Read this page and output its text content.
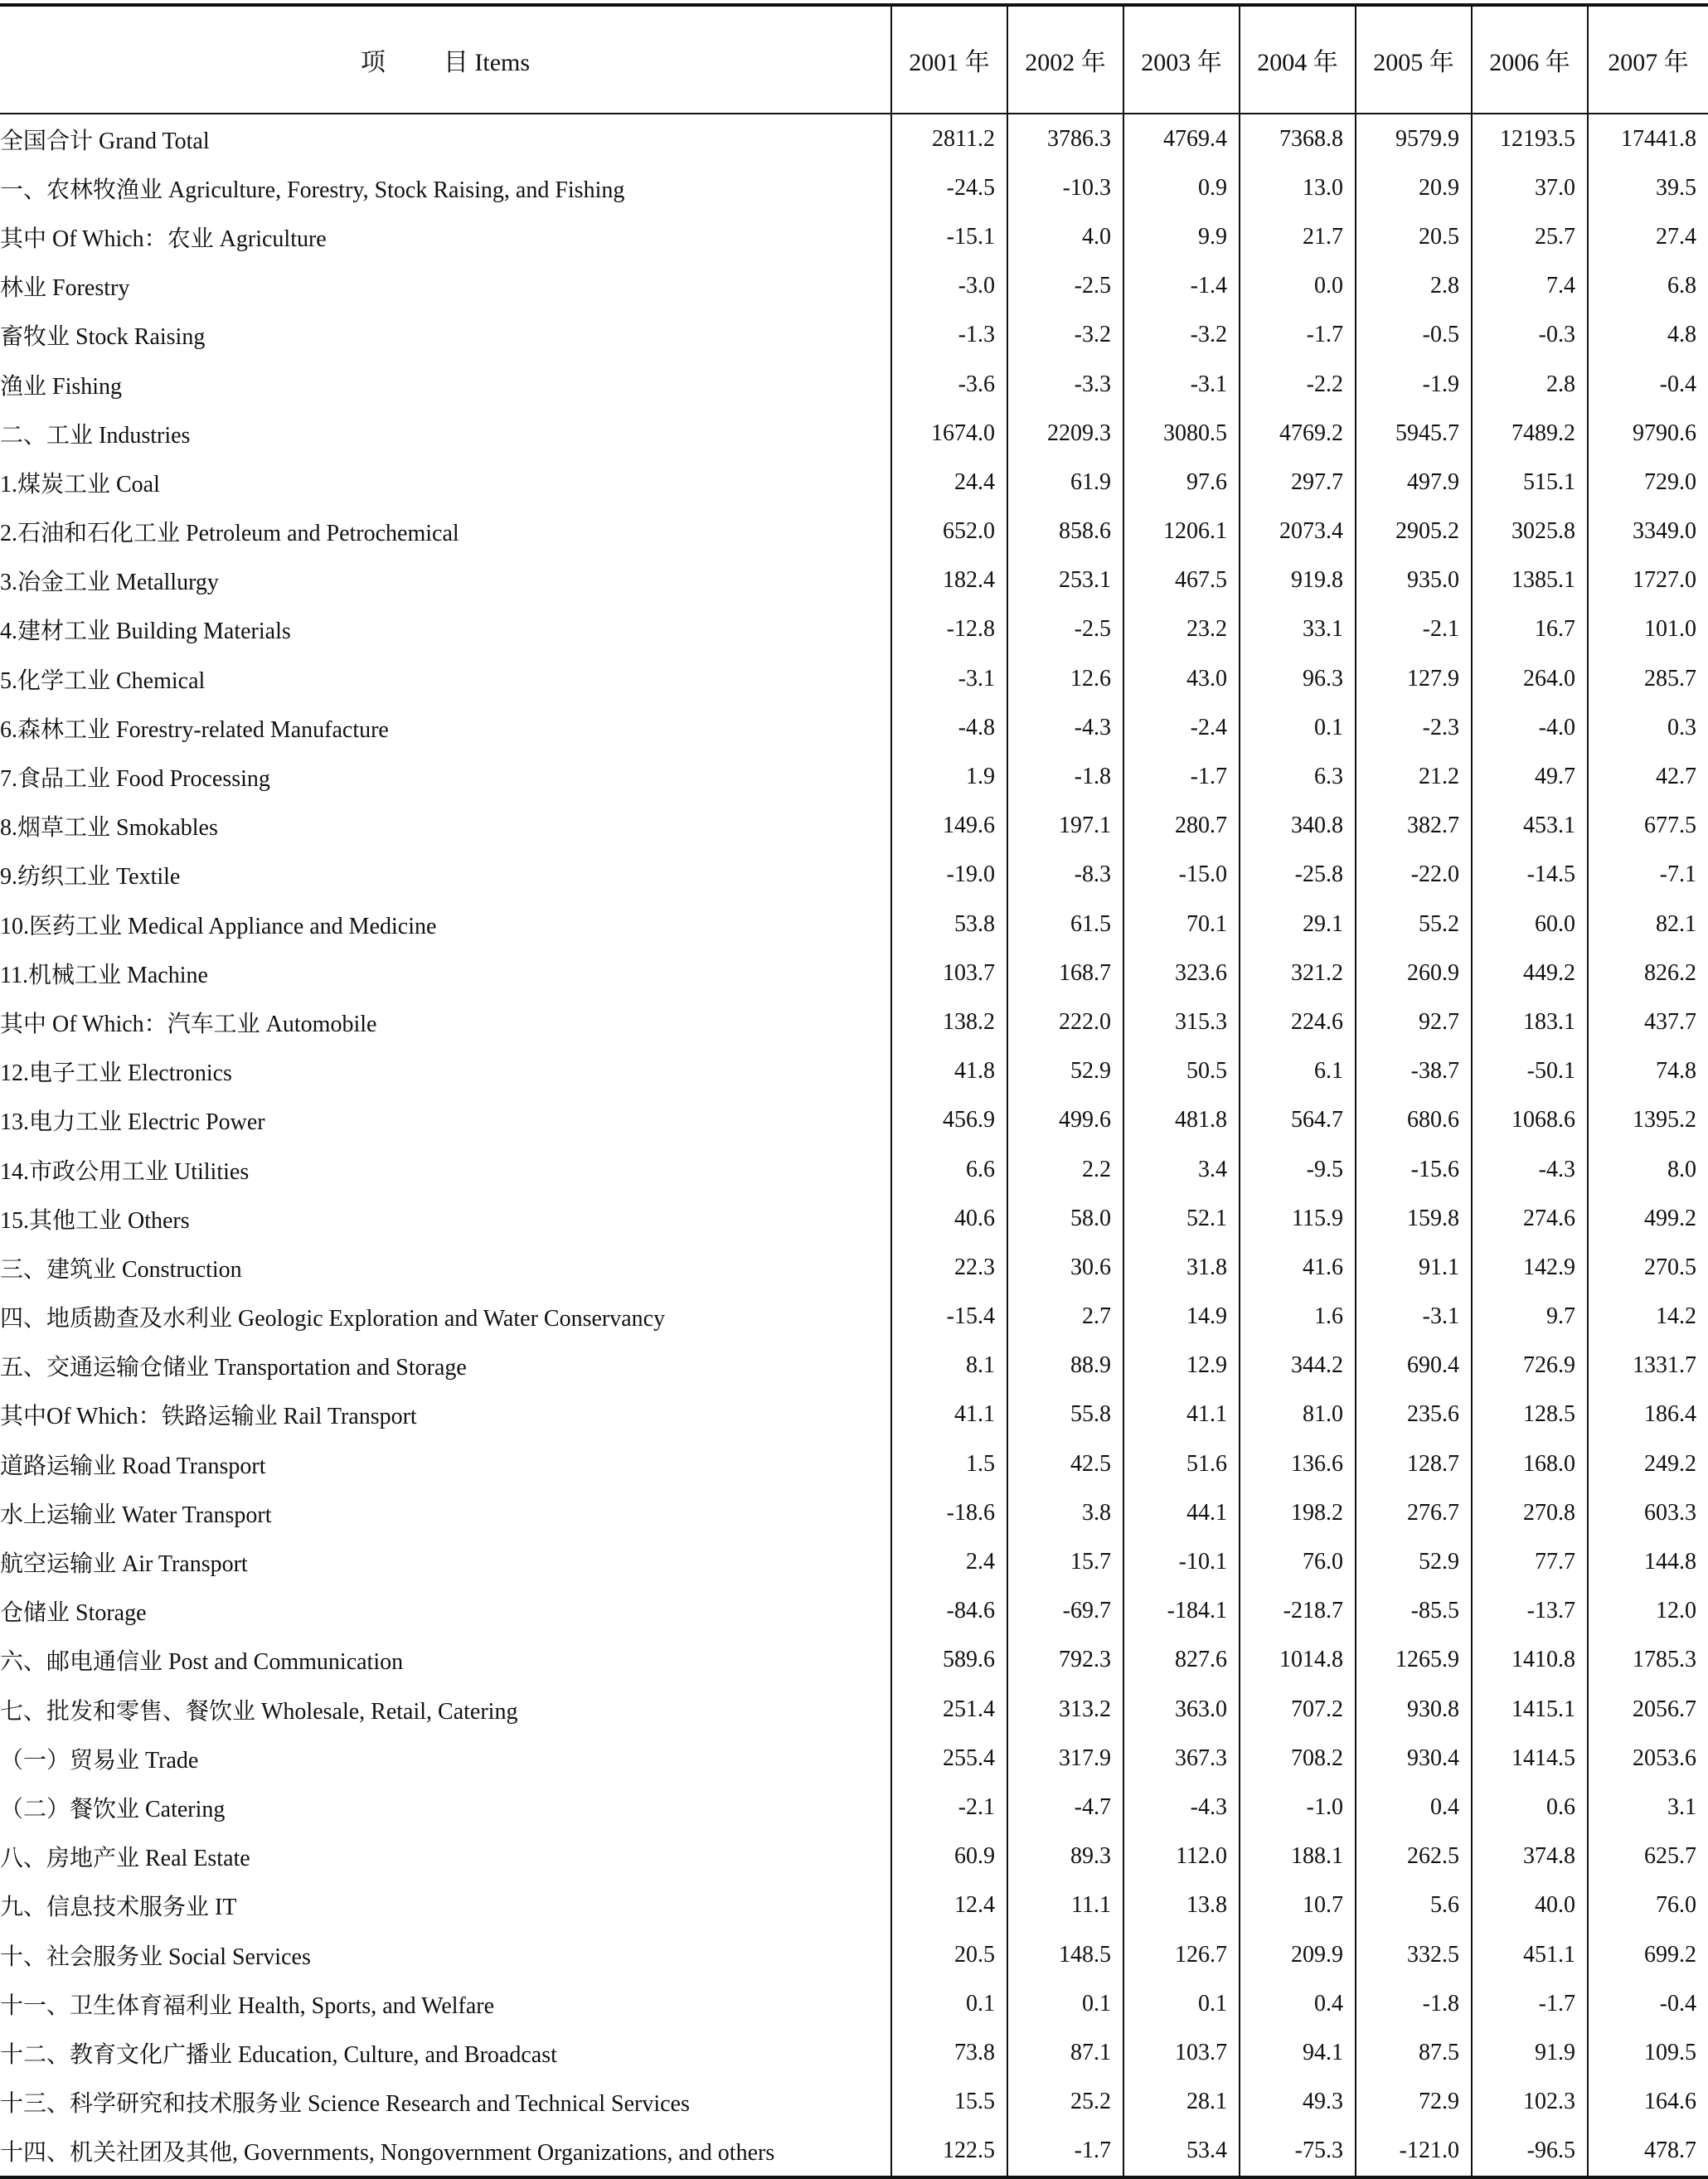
项 目 Items	2001 年	2002 年	2003 年	2004 年	2005 年	2006 年	2007 年
全国合计 Grand Total	2811.2	3786.3	4769.4	7368.8	9579.9	12193.5	17441.8
一、农林牧渔业 Agriculture, Forestry, Stock Raising, and Fishing	-24.5	-10.3	0.9	13.0	20.9	37.0	39.5
其中 Of Which：农业 Agriculture	-15.1	4.0	9.9	21.7	20.5	25.7	27.4
林业 Forestry	-3.0	-2.5	-1.4	0.0	2.8	7.4	6.8
畜牧业 Stock Raising	-1.3	-3.2	-3.2	-1.7	-0.5	-0.3	4.8
渔业 Fishing	-3.6	-3.3	-3.1	-2.2	-1.9	2.8	-0.4
二、工业 Industries	1674.0	2209.3	3080.5	4769.2	5945.7	7489.2	9790.6
1.煤炭工业 Coal	24.4	61.9	97.6	297.7	497.9	515.1	729.0
2.石油和石化工业 Petroleum and Petrochemical	652.0	858.6	1206.1	2073.4	2905.2	3025.8	3349.0
3.冶金工业 Metallurgy	182.4	253.1	467.5	919.8	935.0	1385.1	1727.0
4.建材工业 Building Materials	-12.8	-2.5	23.2	33.1	-2.1	16.7	101.0
5.化学工业 Chemical	-3.1	12.6	43.0	96.3	127.9	264.0	285.7
6.森林工业 Forestry-related Manufacture	-4.8	-4.3	-2.4	0.1	-2.3	-4.0	0.3
7.食品工业 Food Processing	1.9	-1.8	-1.7	6.3	21.2	49.7	42.7
8.烟草工业 Smokables	149.6	197.1	280.7	340.8	382.7	453.1	677.5
9.纺织工业 Textile	-19.0	-8.3	-15.0	-25.8	-22.0	-14.5	-7.1
10.医药工业 Medical Appliance and Medicine	53.8	61.5	70.1	29.1	55.2	60.0	82.1
11.机械工业 Machine	103.7	168.7	323.6	321.2	260.9	449.2	826.2
其中 Of Which：汽车工业 Automobile	138.2	222.0	315.3	224.6	92.7	183.1	437.7
12.电子工业 Electronics	41.8	52.9	50.5	6.1	-38.7	-50.1	74.8
13.电力工业 Electric Power	456.9	499.6	481.8	564.7	680.6	1068.6	1395.2
14.市政公用工业 Utilities	6.6	2.2	3.4	-9.5	-15.6	-4.3	8.0
15.其他工业 Others	40.6	58.0	52.1	115.9	159.8	274.6	499.2
三、建筑业 Construction	22.3	30.6	31.8	41.6	91.1	142.9	270.5
四、地质勘查及水利业 Geologic Exploration and Water Conservancy	-15.4	2.7	14.9	1.6	-3.1	9.7	14.2
五、交通运输仓储业 Transportation and Storage	8.1	88.9	12.9	344.2	690.4	726.9	1331.7
其中Of Which：铁路运输业 Rail Transport	41.1	55.8	41.1	81.0	235.6	128.5	186.4
道路运输业 Road Transport	1.5	42.5	51.6	136.6	128.7	168.0	249.2
水上运输业 Water Transport	-18.6	3.8	44.1	198.2	276.7	270.8	603.3
航空运输业 Air Transport	2.4	15.7	-10.1	76.0	52.9	77.7	144.8
仓储业 Storage	-84.6	-69.7	-184.1	-218.7	-85.5	-13.7	12.0
六、邮电通信业 Post and Communication	589.6	792.3	827.6	1014.8	1265.9	1410.8	1785.3
七、批发和零售、餐饮业 Wholesale, Retail, Catering	251.4	313.2	363.0	707.2	930.8	1415.1	2056.7
（一）贸易业 Trade	255.4	317.9	367.3	708.2	930.4	1414.5	2053.6
（二）餐饮业 Catering	-2.1	-4.7	-4.3	-1.0	0.4	0.6	3.1
八、房地产业 Real Estate	60.9	89.3	112.0	188.1	262.5	374.8	625.7
九、信息技术服务业 IT	12.4	11.1	13.8	10.7	5.6	40.0	76.0
十、社会服务业 Social Services	20.5	148.5	126.7	209.9	332.5	451.1	699.2
十一、卫生体育福利业 Health, Sports, and Welfare	0.1	0.1	0.1	0.4	-1.8	-1.7	-0.4
十二、教育文化广播业 Education, Culture, and Broadcast	73.8	87.1	103.7	94.1	87.5	91.9	109.5
十三、科学研究和技术服务业 Science Research and Technical Services	15.5	25.2	28.1	49.3	72.9	102.3	164.6
十四、机关社团及其他, Governments, Nongovernment Organizations, and others	122.5	-1.7	53.4	-75.3	-121.0	-96.5	478.7
